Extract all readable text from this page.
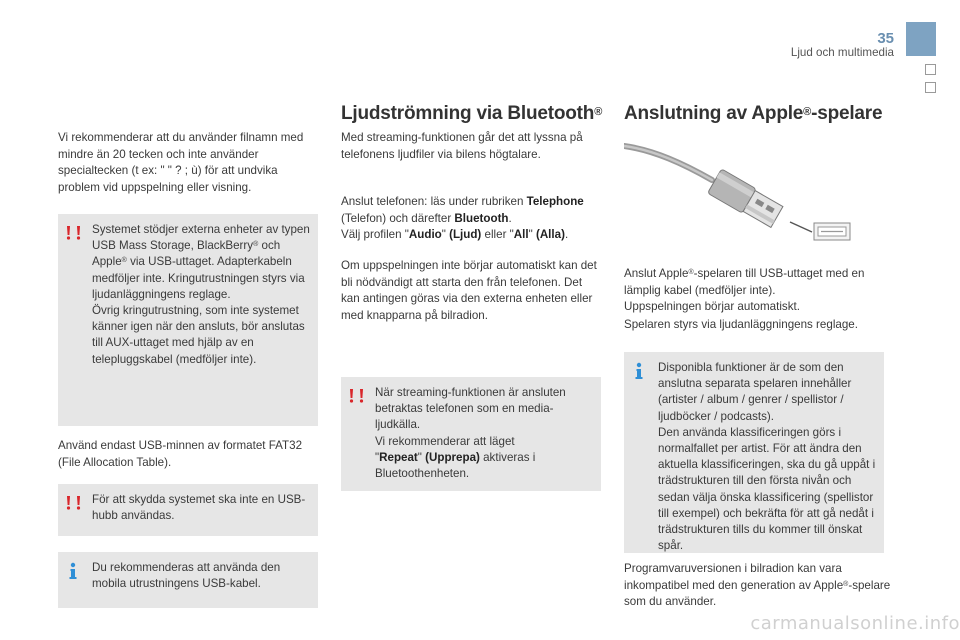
35
Ljud och multimedia
Vi rekommenderar att du använder filnamn med mindre än 20 tecken och inte använder specialtecken (t ex: " " ? ; ù) för att undvika problem vid uppspelning eller visning.
Systemet stödjer externa enheter av typen USB Mass Storage, BlackBerry® och Apple® via USB-uttaget. Adapterkabeln medföljer inte. Kringutrustningen styrs via ljudanläggningens reglage.
Övrig kringutrustning, som inte systemet känner igen när den ansluts, bör anslutas till AUX-uttaget med hjälp av en telepluggskabel (medföljer inte).
Använd endast USB-minnen av formatet FAT32 (File Allocation Table).
För att skydda systemet ska inte en USB-hubb användas.
Du rekommenderas att använda den mobila utrustningens USB-kabel.
Ljudströmning via Bluetooth®
Med streaming-funktionen går det att lyssna på telefonens ljudfiler via bilens högtalare.
Anslut telefonen: läs under rubriken Telephone
(Telefon) och därefter Bluetooth.
Välj profilen "Audio" (Ljud) eller "All" (Alla).
Om uppspelningen inte börjar automatiskt kan det bli nödvändigt att starta den från telefonen. Det kan antingen göras via den externa enheten eller med knapparna på bilradion.
När streaming-funktionen är ansluten betraktas telefonen som en media-ljudkälla.
Vi rekommenderar att läget
"Repeat" (Upprepa) aktiveras i Bluetoothenheten.
Anslutning av Apple®-spelare
Anslut Apple®-spelaren till USB-uttaget med en lämplig kabel (medföljer inte).
Uppspelningen börjar automatiskt.
Spelaren styrs via ljudanläggningens reglage.
Disponibla funktioner är de som den anslutna separata spelaren innehåller (artister / album / genrer / spellistor / ljudböcker / podcasts).
Den använda klassificeringen görs i normalfallet per artist. För att ändra den aktuella klassificeringen, ska du gå uppåt i trädstrukturen till den första nivån och sedan välja önska klassificering (spellistor till exempel) och bekräfta för att gå nedåt i trädstrukturen tills du kommer till önskat spår.
Programvaruversionen i bilradion kan vara inkompatibel med den generation av Apple®-spelare som du använder.
carmanualsonline.info
